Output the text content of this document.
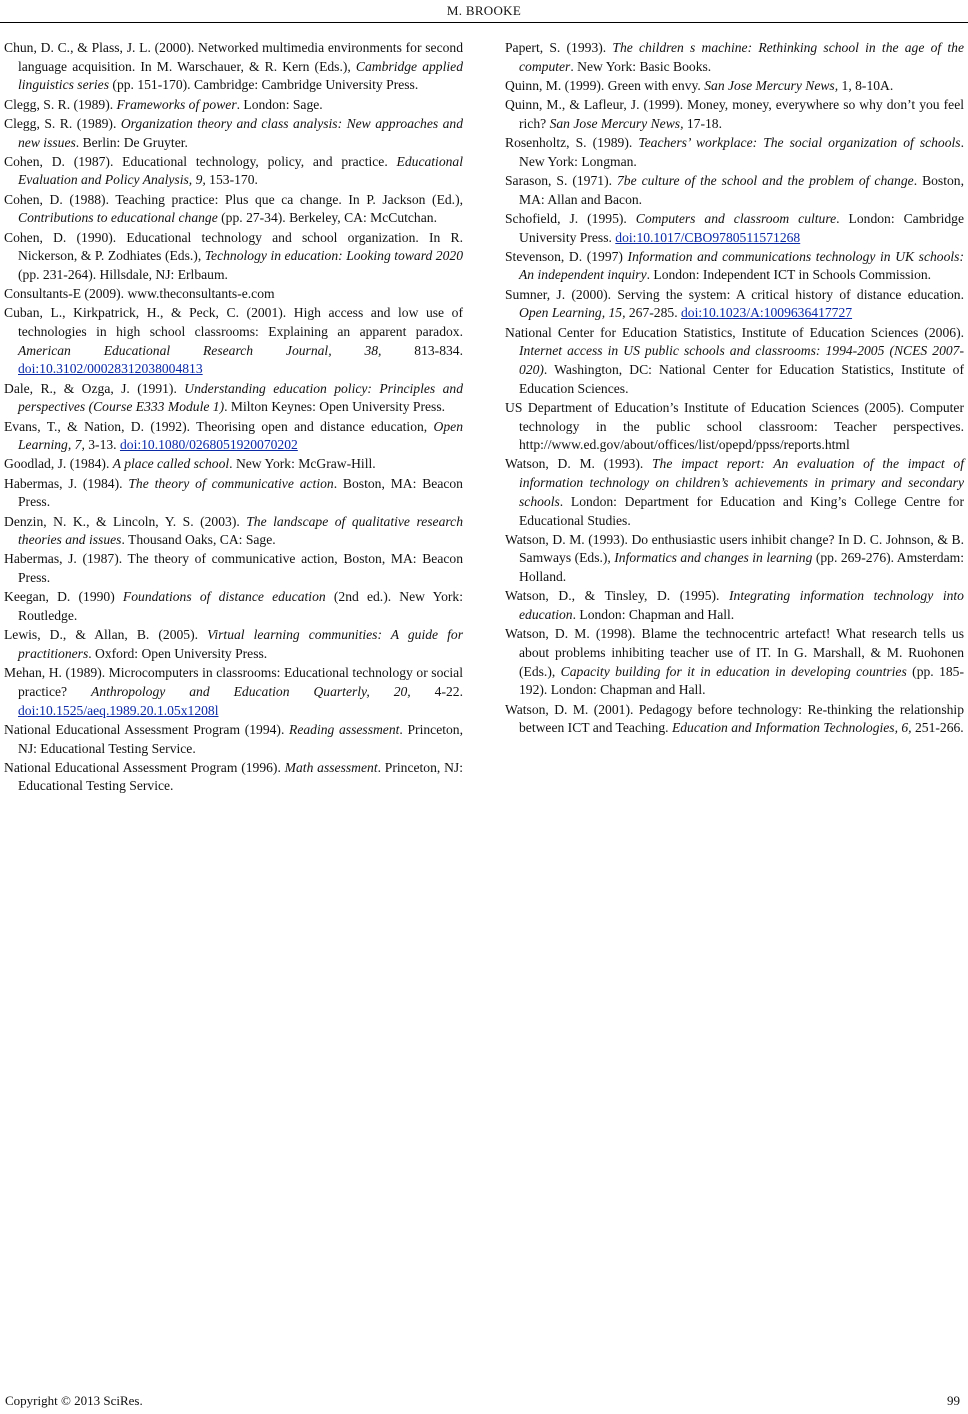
M. BROOKE

Chun, D. C., & Plass, J. L. (2000). Networked multimedia environments for second language acquisition. In M. Warschauer, & R. Kern (Eds.), Cambridge applied linguistics series (pp. 151-170). Cambridge: Cambridge University Press.

Clegg, S. R. (1989). Frameworks of power. London: Sage.

Clegg, S. R. (1989). Organization theory and class analysis: New approaches and new issues. Berlin: De Gruyter.

Cohen, D. (1987). Educational technology, policy, and practice. Educational Evaluation and Policy Analysis, 9, 153-170.

Cohen, D. (1988). Teaching practice: Plus que ca change. In P. Jackson (Ed.), Contributions to educational change (pp. 27-34). Berkeley, CA: McCutchan.

Cohen, D. (1990). Educational technology and school organization. In R. Nickerson, & P. Zodhiates (Eds.), Technology in education: Looking toward 2020 (pp. 231-264). Hillsdale, NJ: Erlbaum.

Consultants-E (2009). www.theconsultants-e.com

Cuban, L., Kirkpatrick, H., & Peck, C. (2001). High access and low use of technologies in high school classrooms: Explaining an apparent paradox. American Educational Research Journal, 38, 813-834. doi:10.3102/00028312038004813

Dale, R., & Ozga, J. (1991). Understanding education policy: Principles and perspectives (Course E333 Module 1). Milton Keynes: Open University Press.

Evans, T., & Nation, D. (1992). Theorising open and distance education, Open Learning, 7, 3-13. doi:10.1080/0268051920070202

Goodlad, J. (1984). A place called school. New York: McGraw-Hill.

Habermas, J. (1984). The theory of communicative action. Boston, MA: Beacon Press.

Denzin, N. K., & Lincoln, Y. S. (2003). The landscape of qualitative research theories and issues. Thousand Oaks, CA: Sage.

Habermas, J. (1987). The theory of communicative action, Boston, MA: Beacon Press.

Keegan, D. (1990) Foundations of distance education (2nd ed.). New York: Routledge.

Lewis, D., & Allan, B. (2005). Virtual learning communities: A guide for practitioners. Oxford: Open University Press.

Mehan, H. (1989). Microcomputers in classrooms: Educational technology or social practice? Anthropology and Education Quarterly, 20, 4-22. doi:10.1525/aeq.1989.20.1.05x1208l

National Educational Assessment Program (1994). Reading assessment. Princeton, NJ: Educational Testing Service.

National Educational Assessment Program (1996). Math assessment. Princeton, NJ: Educational Testing Service.

Papert, S. (1993). The children s machine: Rethinking school in the age of the computer. New York: Basic Books.

Quinn, M. (1999). Green with envy. San Jose Mercury News, 1, 8-10A.

Quinn, M., & Lafleur, J. (1999). Money, money, everywhere so why don’t you feel rich? San Jose Mercury News, 17-18.

Rosenholtz, S. (1989). Teachers’ workplace: The social organization of schools. New York: Longman.

Sarason, S. (1971). 7be culture of the school and the problem of change. Boston, MA: Allan and Bacon.

Schofield, J. (1995). Computers and classroom culture. London: Cambridge University Press. doi:10.1017/CBO9780511571268

Stevenson, D. (1997) Information and communications technology in UK schools: An independent inquiry. London: Independent ICT in Schools Commission.

Sumner, J. (2000). Serving the system: A critical history of distance education. Open Learning, 15, 267-285. doi:10.1023/A:1009636417727

National Center for Education Statistics, Institute of Education Sciences (2006). Internet access in US public schools and classrooms: 1994-2005 (NCES 2007-020). Washington, DC: National Center for Education Statistics, Institute of Education Sciences.

US Department of Education’s Institute of Education Sciences (2005). Computer technology in the public school classroom: Teacher perspectives. http://www.ed.gov/about/offices/list/opepd/ppss/reports.html

Watson, D. M. (1993). The impact report: An evaluation of the impact of information technology on children’s achievements in primary and secondary schools. London: Department for Education and King’s College Centre for Educational Studies.

Watson, D. M. (1993). Do enthusiastic users inhibit change? In D. C. Johnson, & B. Samways (Eds.), Informatics and changes in learning (pp. 269-276). Amsterdam: Holland.

Watson, D., & Tinsley, D. (1995). Integrating information technology into education. London: Chapman and Hall.

Watson, D. M. (1998). Blame the technocentric artefact! What research tells us about problems inhibiting teacher use of IT. In G. Marshall, & M. Ruohonen (Eds.), Capacity building for it in education in developing countries (pp. 185-192). London: Chapman and Hall.

Watson, D. M. (2001). Pedagogy before technology: Re-thinking the relationship between ICT and Teaching. Education and Information Technologies, 6, 251-266.

Copyright © 2013 SciRes.	99
